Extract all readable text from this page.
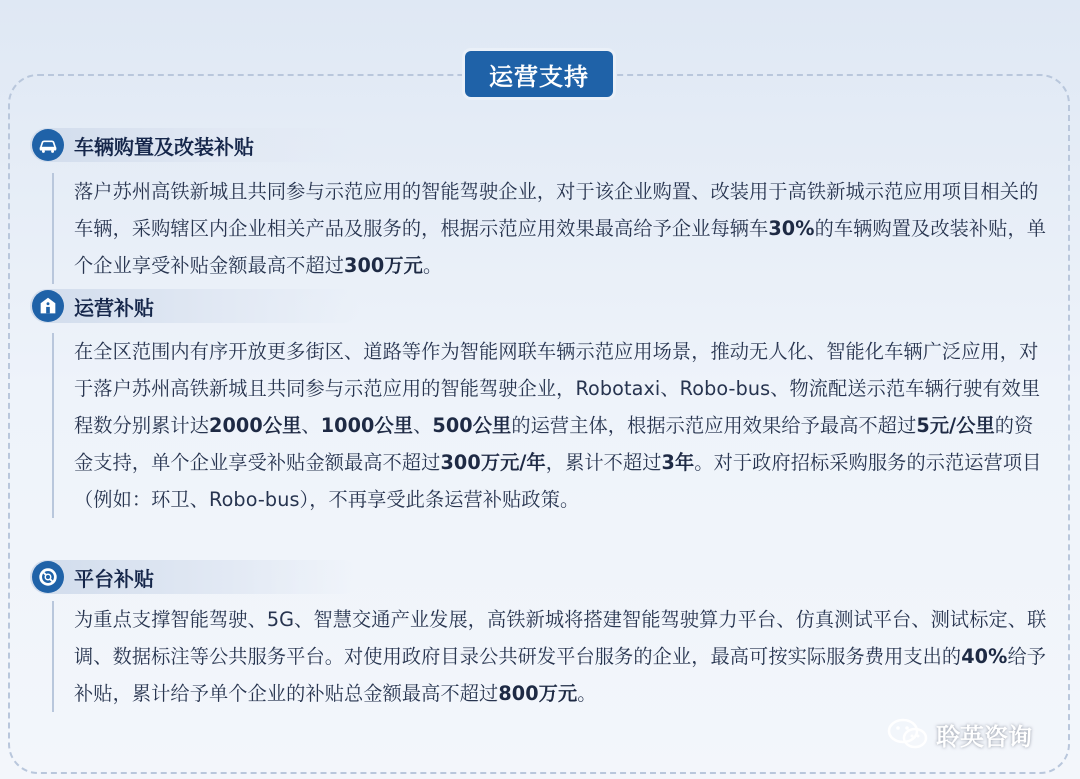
运营支持
车辆购置及改装补贴

落户苏州高铁新城且共同参与示范应用的智能驾驶企业，对于该企业购置、改装用于高铁新城示范应用项目相关的车辆，采购辖区内企业相关产品及服务的，根据示范应用效果最高给予企业每辆车30%的车辆购置及改装补贴，单个企业享受补贴金额最高不超过300万元。

运营补贴

在全区范围内有序开放更多街区、道路等作为智能网联车辆示范应用场景，推动无人化、智能化车辆广泛应用，对于落户苏州高铁新城且共同参与示范应用的智能驾驶企业，Robotaxi、Robo-bus、物流配送示范车辆行驶有效里程数分别累计达2000公里、1000公里、500公里的运营主体，根据示范应用效果给予最高不超过5元/公里的资金支持，单个企业享受补贴金额最高不超过300万元/年，累计不超过3年。对于政府招标采购服务的示范运营项目（例如：环卫、Robo-bus），不再享受此条运营补贴政策。

平台补贴

为重点支撑智能驾驶、5G、智慧交通产业发展，高铁新城将搭建智能驾驶算力平台、仿真测试平台、测试标定、联调、数据标注等公共服务平台。对使用政府目录公共研发平台服务的企业，最高可按实际服务费用支出的40%给予补贴，累计给予单个企业的补贴总金额最高不超过800万元。

聆英咨询
